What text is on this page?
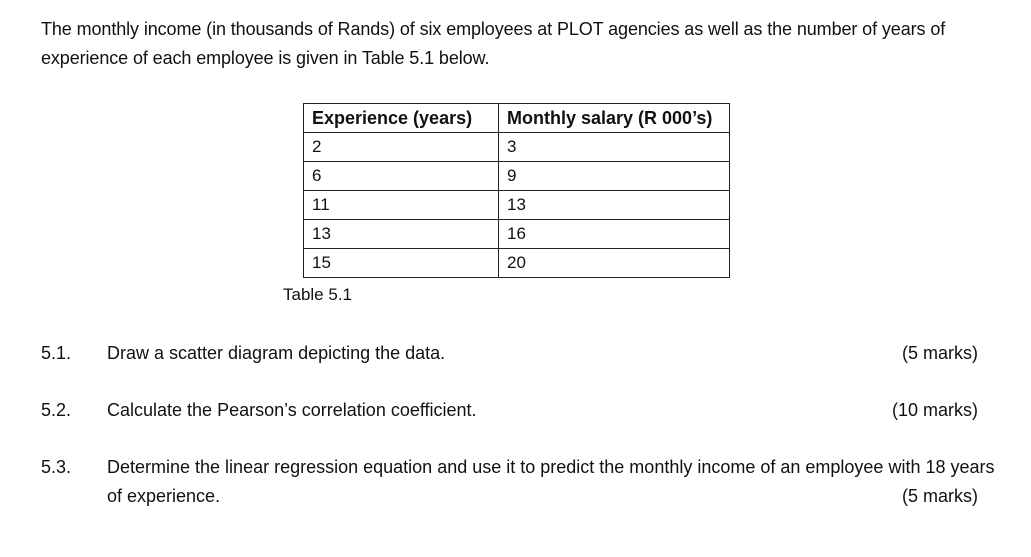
The monthly income (in thousands of Rands) of six employees at PLOT agencies as well as the number of years of experience of each employee is given in Table 5.1 below.
Experience (years)	Monthly salary (R 000’s)
2	3
6	9
11	13
13	16
15	20
Table 5.1
5.1. Draw a scatter diagram depicting the data.	(5 marks)
5.2. Calculate the Pearson’s correlation coefficient.	(10 marks)
5.3. Determine the linear regression equation and use it to predict the monthly income of an employee with 18 years of experience.	(5 marks)
